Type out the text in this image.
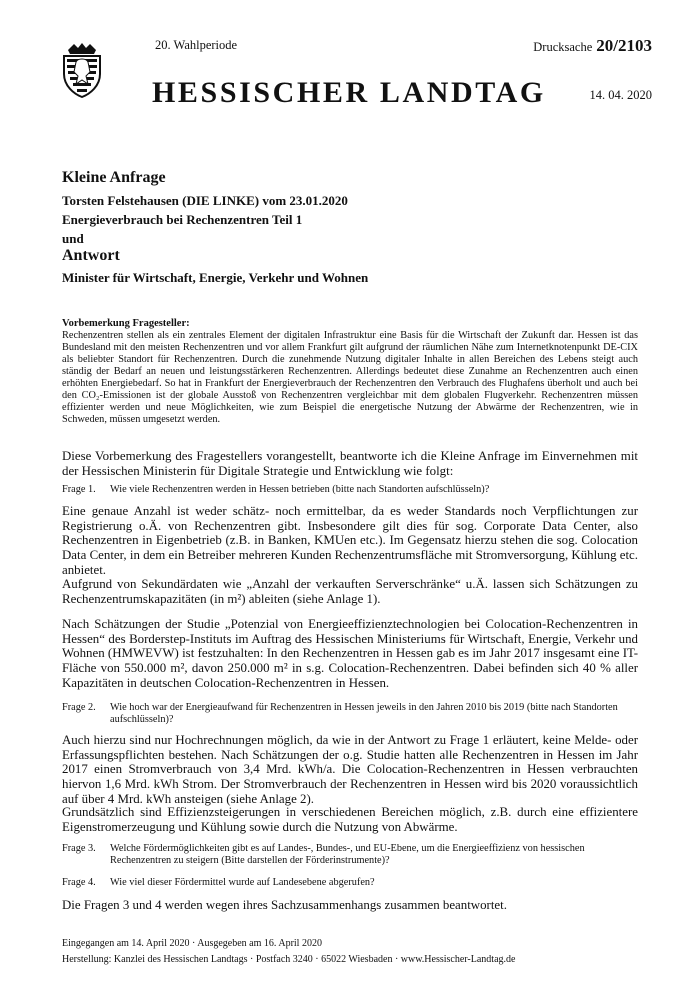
20. Wahlperiode	Drucksache 20/2103
HESSISCHER LANDTAG	14. 04. 2020
Kleine Anfrage
Torsten Felstehausen (DIE LINKE) vom 23.01.2020
Energieverbrauch bei Rechenzentren Teil 1
und
Antwort
Minister für Wirtschaft, Energie, Verkehr und Wohnen
Vorbemerkung Fragesteller:
Rechenzentren stellen als ein zentrales Element der digitalen Infrastruktur eine Basis für die Wirtschaft der Zukunft dar. Hessen ist das Bundesland mit den meisten Rechenzentren und vor allem Frankfurt gilt aufgrund der räumlichen Nähe zum Internetknotenpunkt DE-CIX als beliebter Standort für Rechenzentren. Durch die zunehmende Nutzung digitaler Inhalte in allen Bereichen des Lebens steigt auch ständig der Bedarf an neuen und leistungsstärkeren Rechenzentren. Allerdings bedeutet diese Zunahme an Rechenzentren auch einen erhöhten Energiebedarf. So hat in Frankfurt der Energieverbrauch der Rechenzentren den Verbrauch des Flughafens überholt und auch bei den CO₂-Emissionen ist der globale Ausstoß von Rechenzentren vergleichbar mit dem globalen Flugverkehr. Rechenzentren müssen effizienter werden und neue Möglichkeiten, wie zum Beispiel die energetische Nutzung der Abwärme der Rechenzentren, wie in Schweden, müssen umgesetzt werden.
Diese Vorbemerkung des Fragestellers vorangestellt, beantworte ich die Kleine Anfrage im Einvernehmen mit der Hessischen Ministerin für Digitale Strategie und Entwicklung wie folgt:
Frage 1.	Wie viele Rechenzentren werden in Hessen betrieben (bitte nach Standorten aufschlüsseln)?
Eine genaue Anzahl ist weder schätz- noch ermittelbar, da es weder Standards noch Verpflichtungen zur Registrierung o.Ä. von Rechenzentren gibt. Insbesondere gilt dies für sog. Corporate Data Center, also Rechenzentren in Eigenbetrieb (z.B. in Banken, KMUen etc.). Im Gegensatz hierzu stehen die sog. Colocation Data Center, in dem ein Betreiber mehreren Kunden Rechenzentrumsfläche mit Stromversorgung, Kühlung etc. anbietet.
Aufgrund von Sekundärdaten wie „Anzahl der verkauften Serverschränke“ u.Ä. lassen sich Schätzungen zu Rechenzentrumskapazitäten (in m²) ableiten (siehe Anlage 1).
Nach Schätzungen der Studie „Potenzial von Energieeffizienztechnologien bei Colocation-Rechenzentren in Hessen“ des Borderstep-Instituts im Auftrag des Hessischen Ministeriums für Wirtschaft, Energie, Verkehr und Wohnen (HMWEVW) ist festzuhalten: In den Rechenzentren in Hessen gab es im Jahr 2017 insgesamt eine IT-Fläche von 550.000 m², davon 250.000 m² in s.g. Colocation-Rechenzentren. Dabei befinden sich 40 % aller Kapazitäten in deutschen Colocation-Rechenzentren in Hessen.
Frage 2.	Wie hoch war der Energieaufwand für Rechenzentren in Hessen jeweils in den Jahren 2010 bis 2019 (bitte nach Standorten aufschlüsseln)?
Auch hierzu sind nur Hochrechnungen möglich, da wie in der Antwort zu Frage 1 erläutert, keine Melde- oder Erfassungspflichten bestehen. Nach Schätzungen der o.g. Studie hatten alle Rechenzentren in Hessen im Jahr 2017 einen Stromverbrauch von 3,4 Mrd. kWh/a. Die Colocation-Rechenzentren in Hessen verbrauchten hiervon 1,6 Mrd. kWh Strom. Der Stromverbrauch der Rechenzentren in Hessen wird bis 2020 voraussichtlich auf über 4 Mrd. kWh ansteigen (siehe Anlage 2).
Grundsätzlich sind Effizienzsteigerungen in verschiedenen Bereichen möglich, z.B. durch eine effizientere Eigenstromerzeugung und Kühlung sowie durch die Nutzung von Abwärme.
Frage 3.	Welche Fördermöglichkeiten gibt es auf Landes-, Bundes-, und EU-Ebene, um die Energieeffizienz von hessischen Rechenzentren zu steigern (Bitte darstellen der Förderinstrumente)?
Frage 4.	Wie viel dieser Fördermittel wurde auf Landesebene abgerufen?
Die Fragen 3 und 4 werden wegen ihres Sachzusammenhangs zusammen beantwortet.
Eingegangen am 14. April 2020 · Ausgegeben am 16. April 2020
Herstellung: Kanzlei des Hessischen Landtags · Postfach 3240 · 65022 Wiesbaden · www.Hessischer-Landtag.de
